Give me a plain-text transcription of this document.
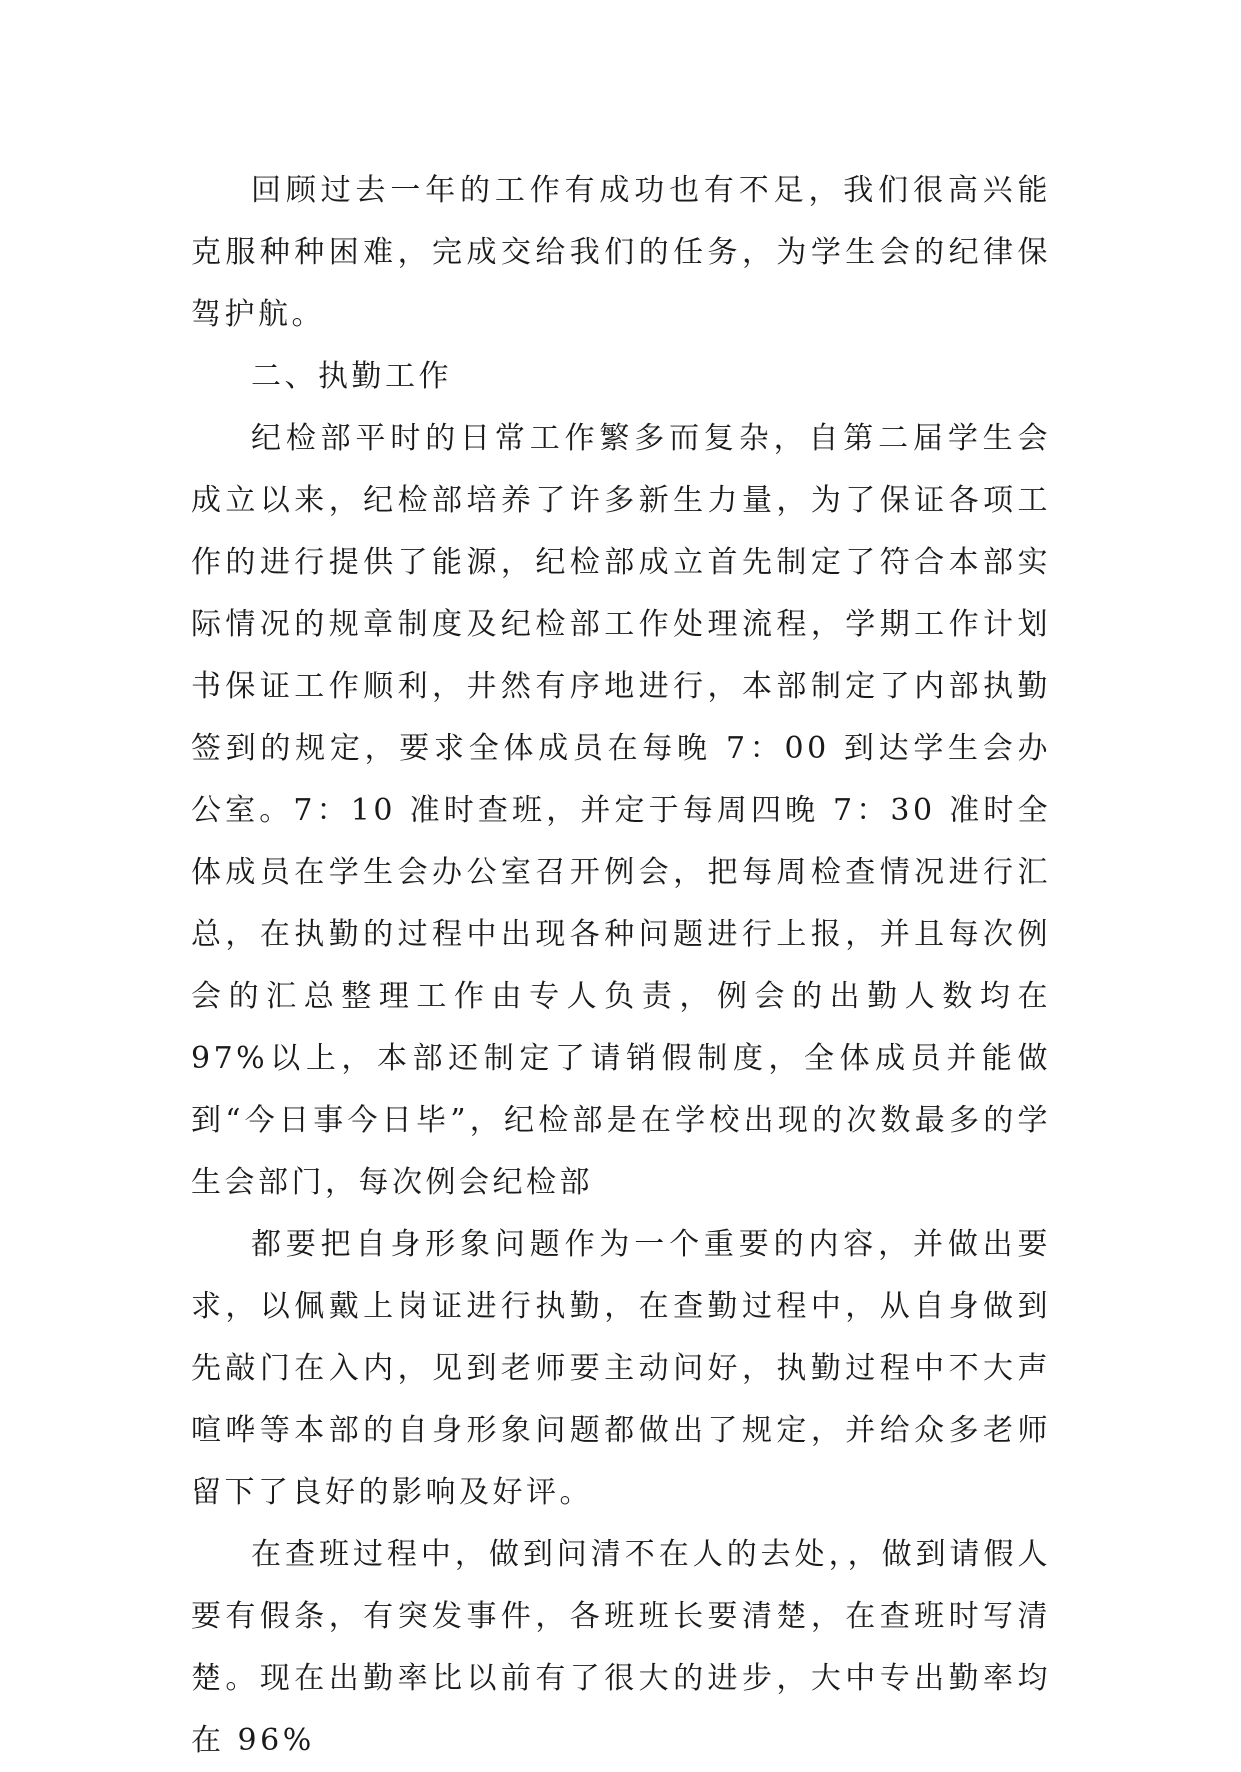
回顾过去一年的工作有成功也有不足，我们很高兴能克服种种困难，完成交给我们的任务，为学生会的纪律保驾护航。

二、执勤工作

纪检部平时的日常工作繁多而复杂，自第二届学生会成立以来，纪检部培养了许多新生力量，为了保证各项工作的进行提供了能源，纪检部成立首先制定了符合本部实际情况的规章制度及纪检部工作处理流程，学期工作计划书保证工作顺利，井然有序地进行，本部制定了内部执勤签到的规定，要求全体成员在每晚 7：00 到达学生会办公室。7：10 准时查班，并定于每周四晚 7：30 准时全体成员在学生会办公室召开例会，把每周检查情况进行汇总，在执勤的过程中出现各种问题进行上报，并且每次例会的汇总整理工作由专人负责，例会的出勤人数均在 97%以上，本部还制定了请销假制度，全体成员并能做到“今日事今日毕”，纪检部是在学校出现的次数最多的学生会部门，每次例会纪检部

都要把自身形象问题作为一个重要的内容，并做出要求，以佩戴上岗证进行执勤，在查勤过程中，从自身做到先敲门在入内，见到老师要主动问好，执勤过程中不大声喧哗等本部的自身形象问题都做出了规定，并给众多老师留下了良好的影响及好评。

在查班过程中，做到问清不在人的去处，，做到请假人要有假条，有突发事件，各班班长要清楚，在查班时写清楚。现在出勤率比以前有了很大的进步，大中专出勤率均在 96%
